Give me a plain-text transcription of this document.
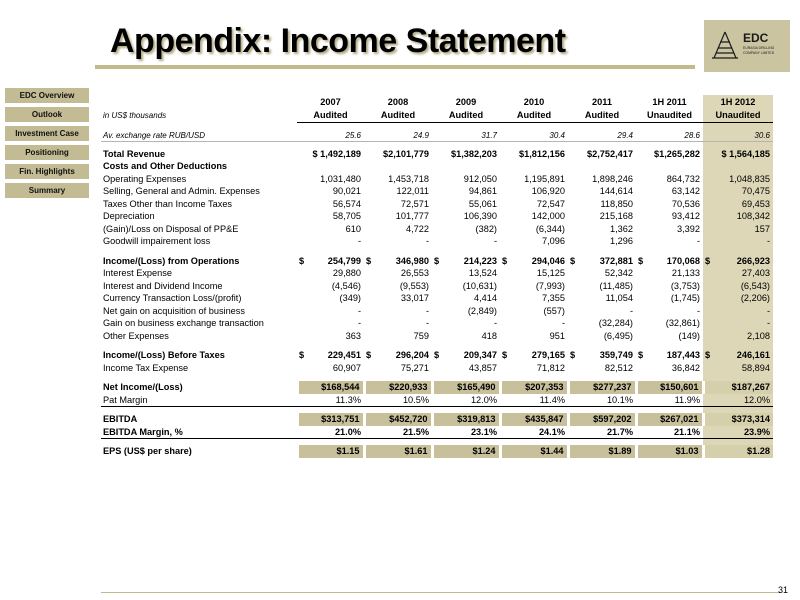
Appendix: Income Statement	EDC
EURASIA DRILLING COMPANY LIMITED
EDC Overview
Outlook
Investment Case
Positioning
Fin. Highlights
Summary
	2007	2008	2009	2010	2011	1H 2011	1H 2012
in US$ thousands	Audited	Audited	Audited	Audited	Audited	Unaudited	Unaudited

Av. exchange rate RUB/USD	25.6	24.9	31.7	30.4	29.4	28.6	30.6

Total Revenue	$ 1,492,189	$2,101,779	$1,382,203	$1,812,156	$2,752,417	$1,265,282	$ 1,564,185
Costs and Other Deductions							
Operating Expenses	1,031,480	1,453,718	912,050	1,195,891	1,898,246	864,732	1,048,835
Selling, General and Admin. Expenses	90,021	122,011	94,861	106,920	144,614	63,142	70,475
Taxes Other than Income Taxes	56,574	72,571	55,061	72,547	118,850	70,536	69,453
Depreciation	58,705	101,777	106,390	142,000	215,168	93,412	108,342
(Gain)/Loss on Disposal of PP&E	610	4,722	(382)	(6,344)	1,362	3,392	157
Goodwill impairement loss	-	-	-	7,096	1,296	-	-

Income/(Loss) from Operations	$ 254,799	$ 346,980	$ 214,223	$ 294,046	$ 372,881	$ 170,068	$ 266,923
Interest Expense	29,880	26,553	13,524	15,125	52,342	21,133	27,403
Interest and Dividend Income	(4,546)	(9,553)	(10,631)	(7,993)	(11,485)	(3,753)	(6,543)
Currency Transaction Loss/(profit)	(349)	33,017	4,414	7,355	11,054	(1,745)	(2,206)
Net gain on acquisition of business	-	-	(2,849)	(557)	-	-	-
Gain on business exchange transaction	-	-	-	-	(32,284)	(32,861)	-
Other Expenses	363	759	418	951	(6,495)	(149)	2,108

Income/(Loss) Before Taxes	$ 229,451	$ 296,204	$ 209,347	$ 279,165	$ 359,749	$ 187,443	$ 246,161
Income Tax Expense	60,907	75,271	43,857	71,812	82,512	36,842	58,894

Net Income/(Loss)	$168,544	$220,933	$165,490	$207,353	$277,237	$150,601	$187,267
Pat Margin	11.3%	10.5%	12.0%	11.4%	10.1%	11.9%	12.0%

EBITDA	$313,751	$452,720	$319,813	$435,847	$597,202	$267,021	$373,314
EBITDA Margin, %	21.0%	21.5%	23.1%	24.1%	21.7%	21.1%	23.9%

EPS (US$ per share)	$1.15	$1.61	$1.24	$1.44	$1.89	$1.03	$1.28
31
